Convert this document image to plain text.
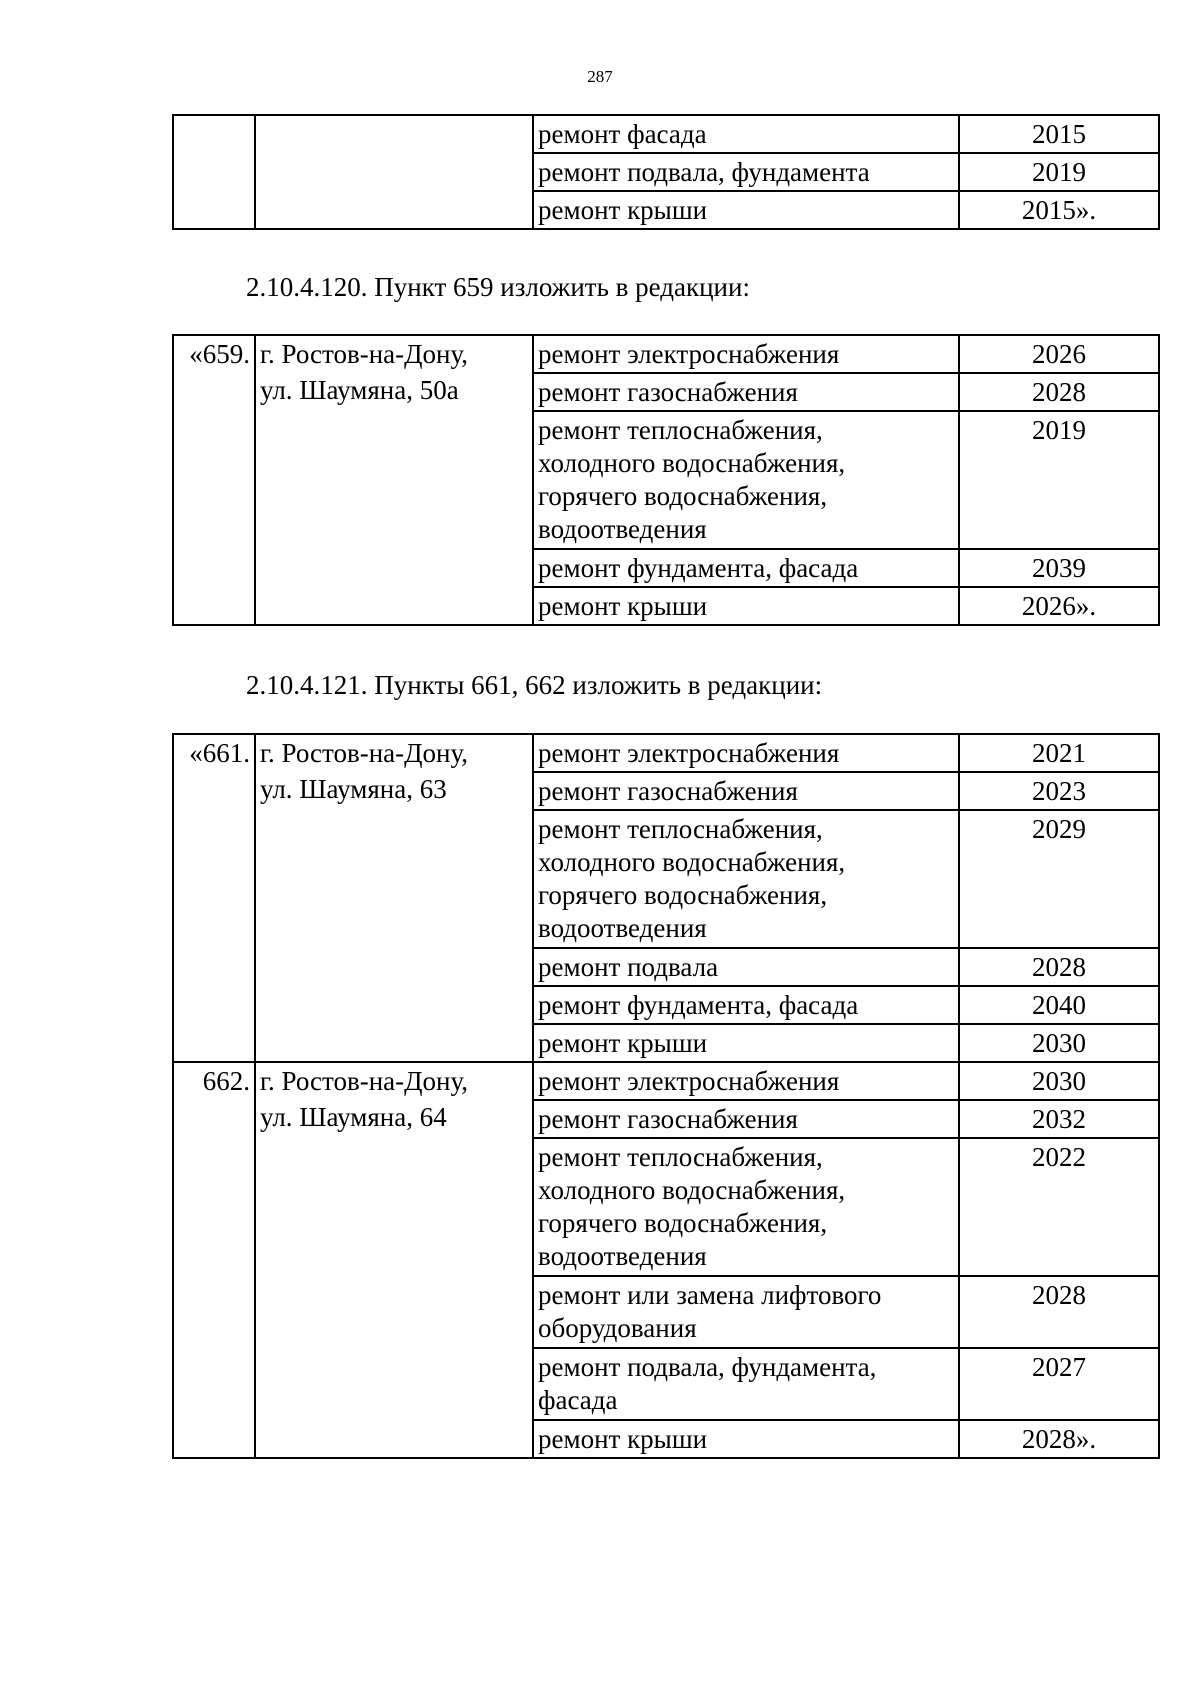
287

		ремонт фасада	2015

		ремонт подвала, фундамента	2019

		ремонт крыши	2015».
2.10.4.120. Пункт 659 изложить в редакции:
«659.	г. Ростов-на-Дону,
ул. Шаумяна, 50а	ремонт электроснабжения	2026

		ремонт газоснабжения	2028

		ремонт теплоснабжения,
холодного водоснабжения,
горячего водоснабжения,
водоотведения	2019

		ремонт фундамента, фасада	2039

		ремонт крыши	2026».
2.10.4.121. Пункты 661, 662 изложить в редакции:
«661.	г. Ростов-на-Дону,
ул. Шаумяна, 63	ремонт электроснабжения	2021

		ремонт газоснабжения	2023

		ремонт теплоснабжения,
холодного водоснабжения,
горячего водоснабжения,
водоотведения	2029

		ремонт подвала	2028

		ремонт фундамента, фасада	2040

		ремонт крыши	2030
662.	г. Ростов-на-Дону,
ул. Шаумяна, 64	ремонт электроснабжения	2030

		ремонт газоснабжения	2032

		ремонт теплоснабжения,
холодного водоснабжения,
горячего водоснабжения,
водоотведения	2022

		ремонт или замена лифтового
оборудования	2028

		ремонт подвала, фундамента,
фасада	2027

		ремонт крыши	2028».
